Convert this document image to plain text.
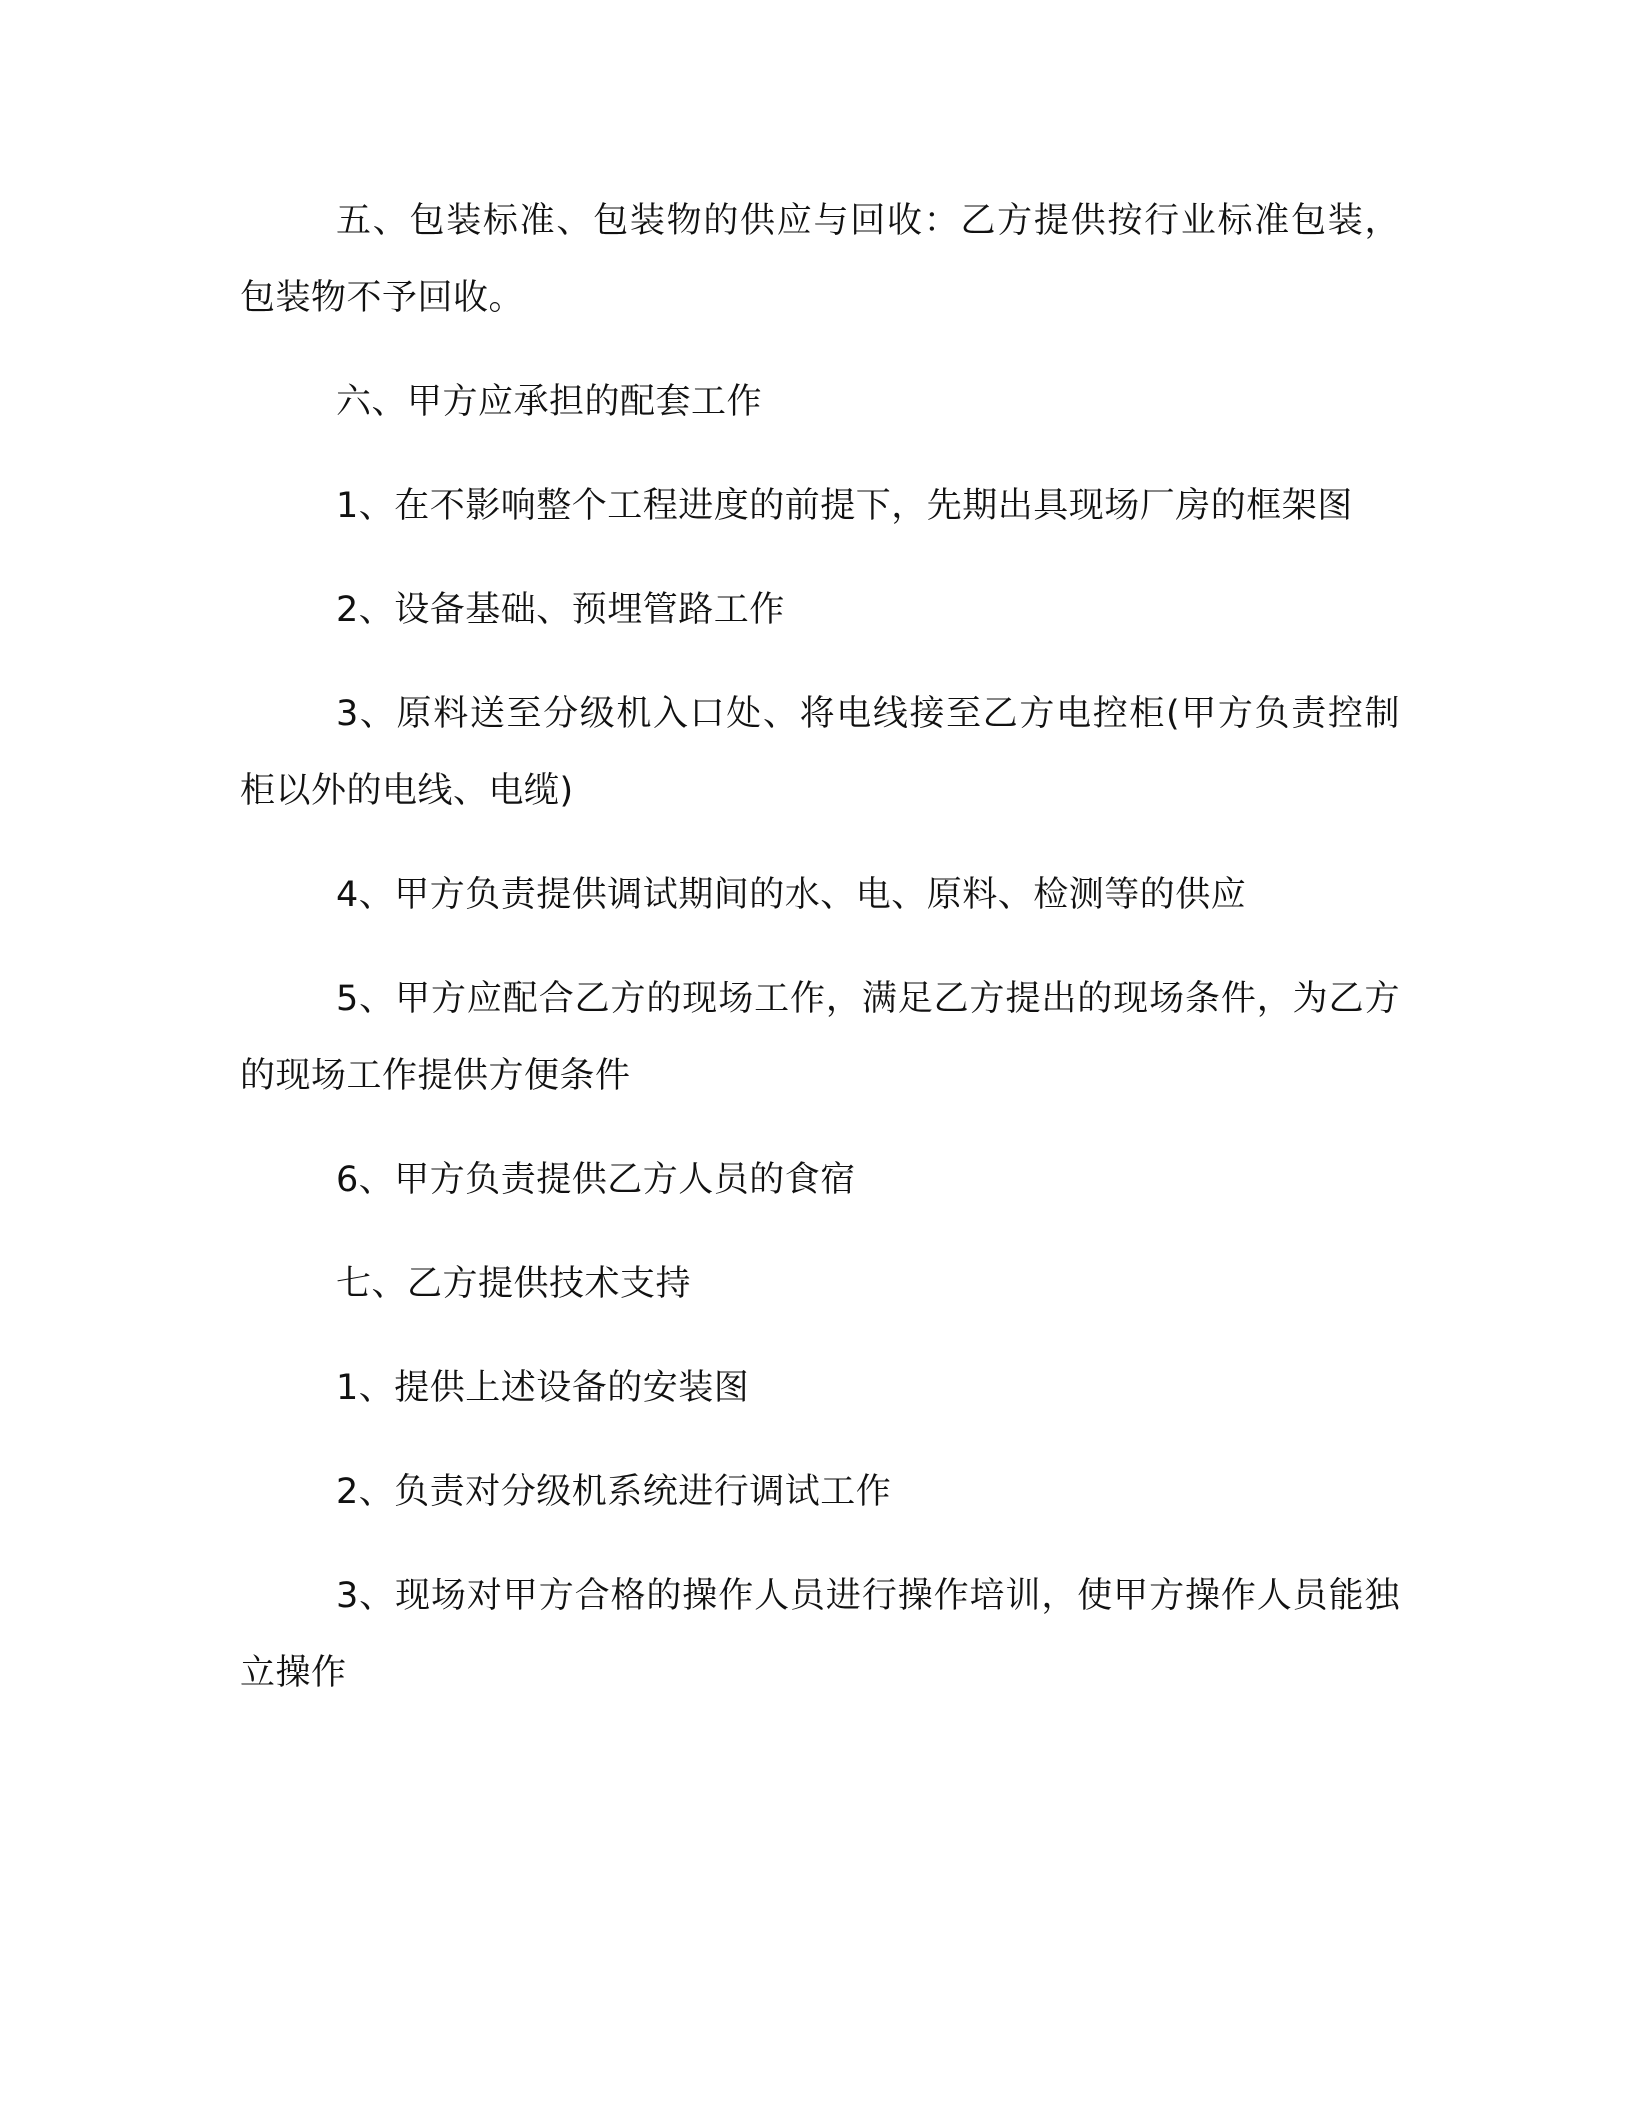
五、包装标准、包装物的供应与回收：乙方提供按行业标准包装，包装物不予回收。

六、甲方应承担的配套工作

1、在不影响整个工程进度的前提下，先期出具现场厂房的框架图

2、设备基础、预埋管路工作

3、原料送至分级机入口处、将电线接至乙方电控柜(甲方负责控制柜以外的电线、电缆)

4、甲方负责提供调试期间的水、电、原料、检测等的供应

5、甲方应配合乙方的现场工作，满足乙方提出的现场条件，为乙方的现场工作提供方便条件

6、甲方负责提供乙方人员的食宿

七、乙方提供技术支持

1、提供上述设备的安装图

2、负责对分级机系统进行调试工作

3、现场对甲方合格的操作人员进行操作培训，使甲方操作人员能独立操作
